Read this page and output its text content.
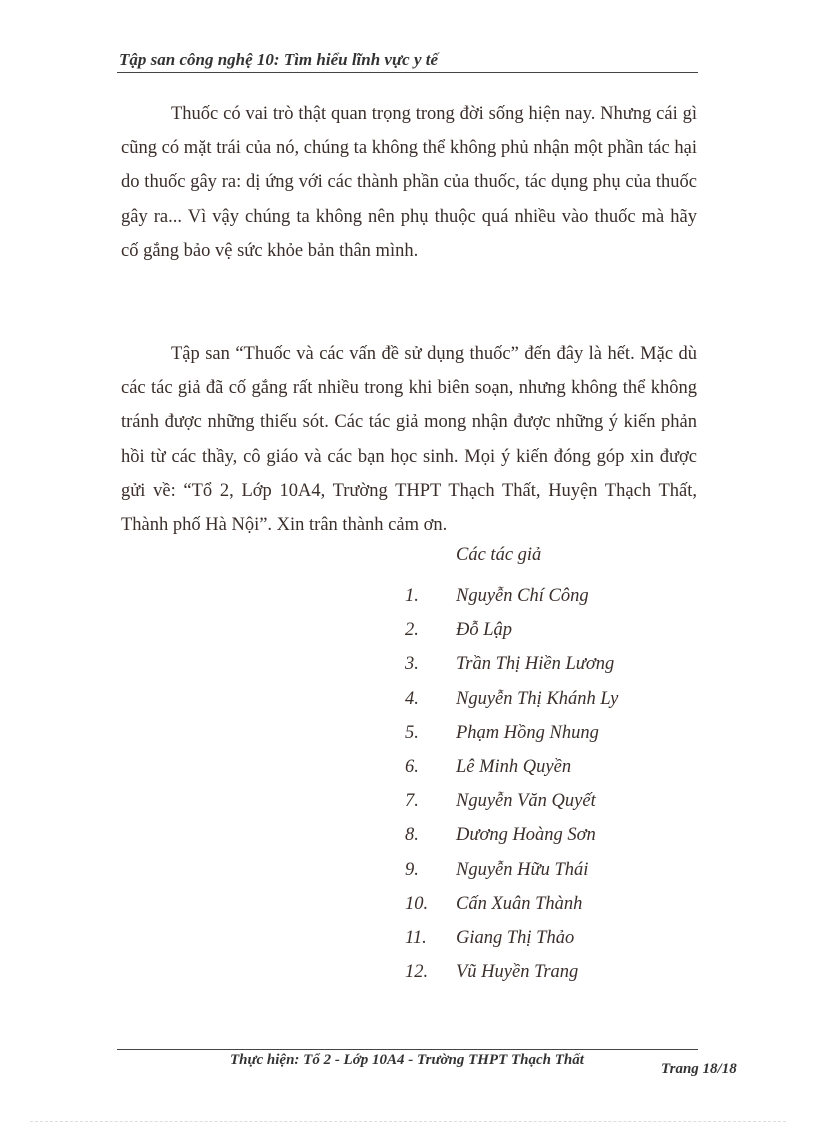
Tập san công nghệ 10: Tìm hiểu lĩnh vực y tế

Thuốc có vai trò thật quan trọng trong đời sống hiện nay. Nhưng cái gì cũng có mặt trái của nó, chúng ta không thể không phủ nhận một phần tác hại do thuốc gây ra: dị ứng với các thành phần của thuốc, tác dụng phụ của thuốc gây ra... Vì vậy chúng ta không nên phụ thuộc quá nhiều vào thuốc mà hãy cố gắng bảo vệ sức khỏe bản thân mình.

Tập san “Thuốc và các vấn đề sử dụng thuốc” đến đây là hết. Mặc dù các tác giả đã cố gắng rất nhiều trong khi biên soạn, nhưng không thể không tránh được những thiếu sót. Các tác giả mong nhận được những ý kiến phản hồi từ các thầy, cô giáo và các bạn học sinh. Mọi ý kiến đóng góp xin được gửi về: “Tổ 2, Lớp 10A4, Trường THPT Thạch Thất, Huyện Thạch Thất, Thành phố Hà Nội”. Xin trân thành cảm ơn.

Các tác giả
1. Nguyễn Chí Công
2. Đỗ Lập
3. Trần Thị Hiền Lương
4. Nguyễn Thị Khánh Ly
5. Phạm Hồng Nhung
6. Lê Minh Quyền
7. Nguyễn Văn Quyết
8. Dương Hoàng Sơn
9. Nguyễn Hữu Thái
10. Cấn Xuân Thành
11. Giang Thị Thảo
12. Vũ Huyền Trang
Thực hiện: Tổ 2 - Lớp 10A4 - Trường THPT Thạch Thất
Trang 18/18
